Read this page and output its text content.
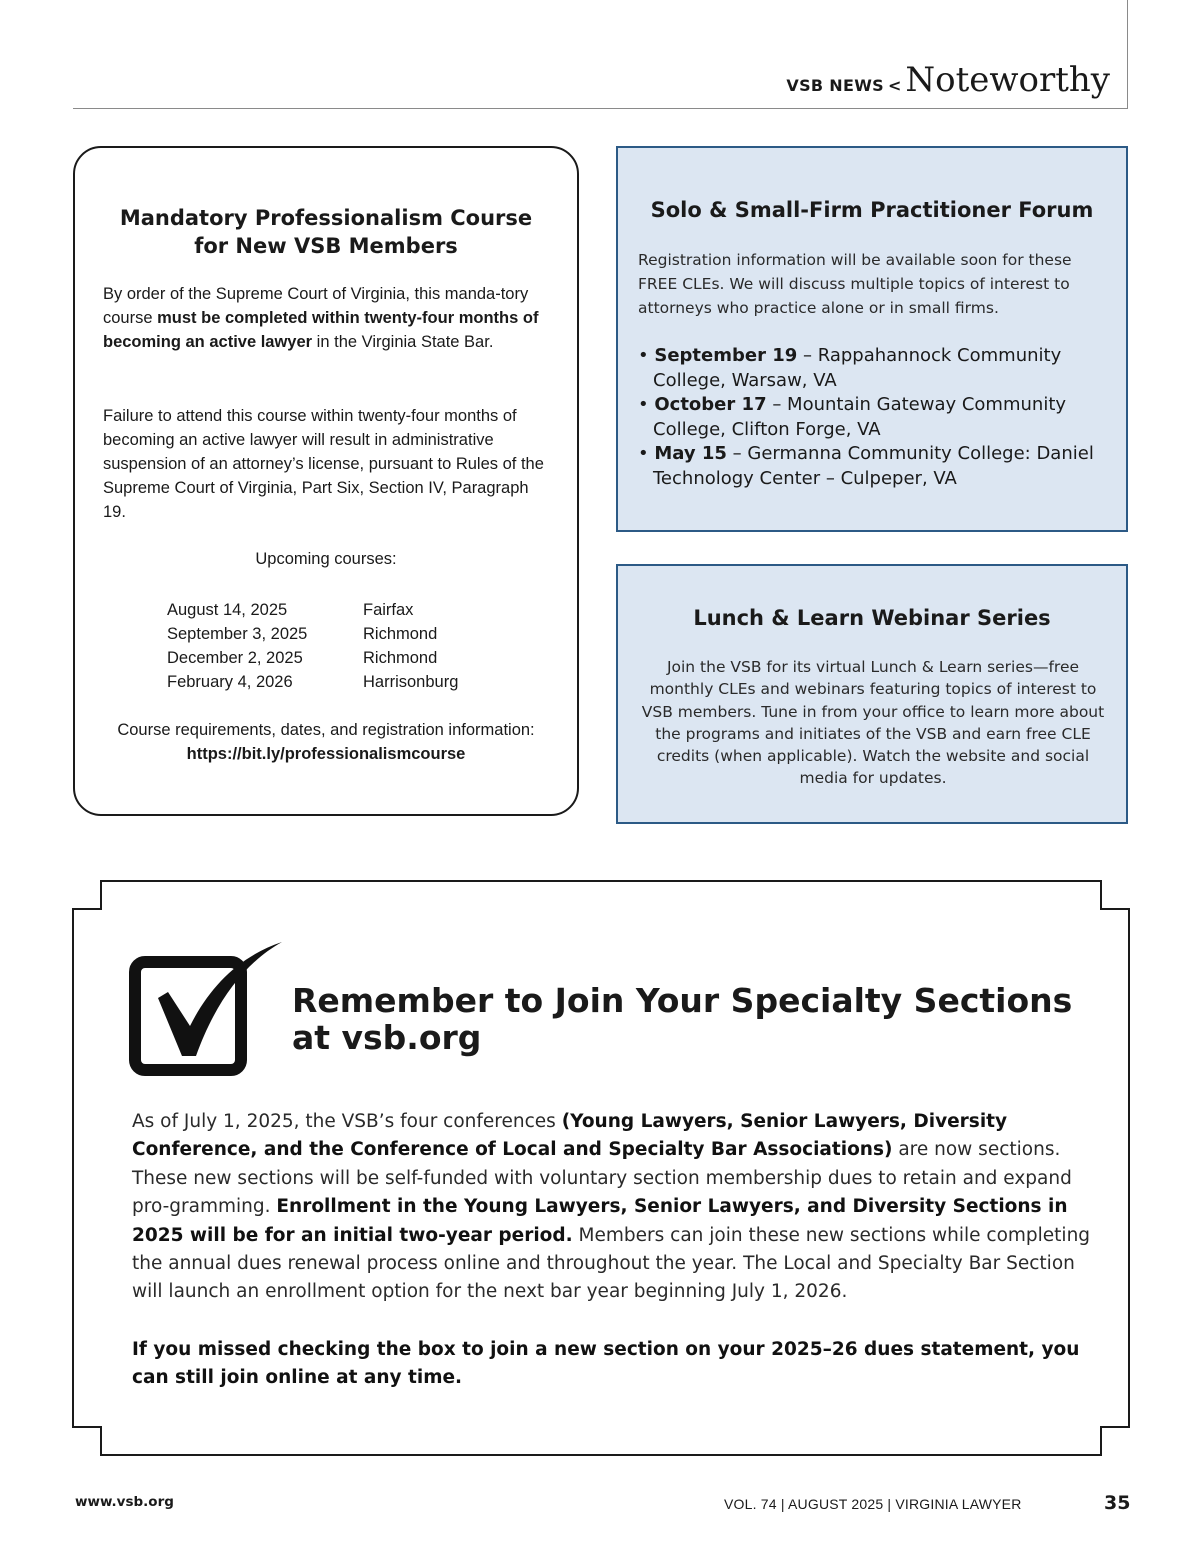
VSB NEWS < Noteworthy
Mandatory Professionalism Course
for New VSB Members
By order of the Supreme Court of Virginia, this manda-tory course must be completed within twenty-four months of becoming an active lawyer in the Virginia State Bar.
Failure to attend this course within twenty-four months of becoming an active lawyer will result in administrative suspension of an attorney’s license, pursuant to Rules of the Supreme Court of Virginia, Part Six, Section IV, Paragraph 19.
Upcoming courses:
August 14, 2025	Fairfax
September 3, 2025	Richmond
December 2, 2025	Richmond
February 4, 2026	Harrisonburg
Course requirements, dates, and registration information:
https://bit.ly/professionalismcourse
Solo & Small-Firm Practitioner Forum
Registration information will be available soon for these FREE CLEs. We will discuss multiple topics of interest to attorneys who practice alone or in small firms.
• September 19 – Rappahannock Community College, Warsaw, VA
• October 17 – Mountain Gateway Community College, Clifton Forge, VA
• May 15 – Germanna Community College: Daniel Technology Center – Culpeper, VA
Lunch & Learn Webinar Series
Join the VSB for its virtual Lunch & Learn series—free monthly CLEs and webinars featuring topics of interest to VSB members. Tune in from your office to learn more about the programs and initiates of the VSB and earn free CLE credits (when applicable). Watch the website and social media for updates.
Remember to Join Your Specialty Sections
at vsb.org
As of July 1, 2025, the VSB’s four conferences (Young Lawyers, Senior Lawyers, Diversity Conference, and the Conference of Local and Specialty Bar Associations) are now sections. These new sections will be self-funded with voluntary section membership dues to retain and expand pro-gramming. Enrollment in the Young Lawyers, Senior Lawyers, and Diversity Sections in 2025 will be for an initial two-year period. Members can join these new sections while completing the annual dues renewal process online and throughout the year. The Local and Specialty Bar Section will launch an enrollment option for the next bar year beginning July 1, 2026.
If you missed checking the box to join a new section on your 2025–26 dues statement, you can still join online at any time.
www.vsb.org	VOL. 74 | AUGUST 2025 | VIRGINIA LAWYER	35
